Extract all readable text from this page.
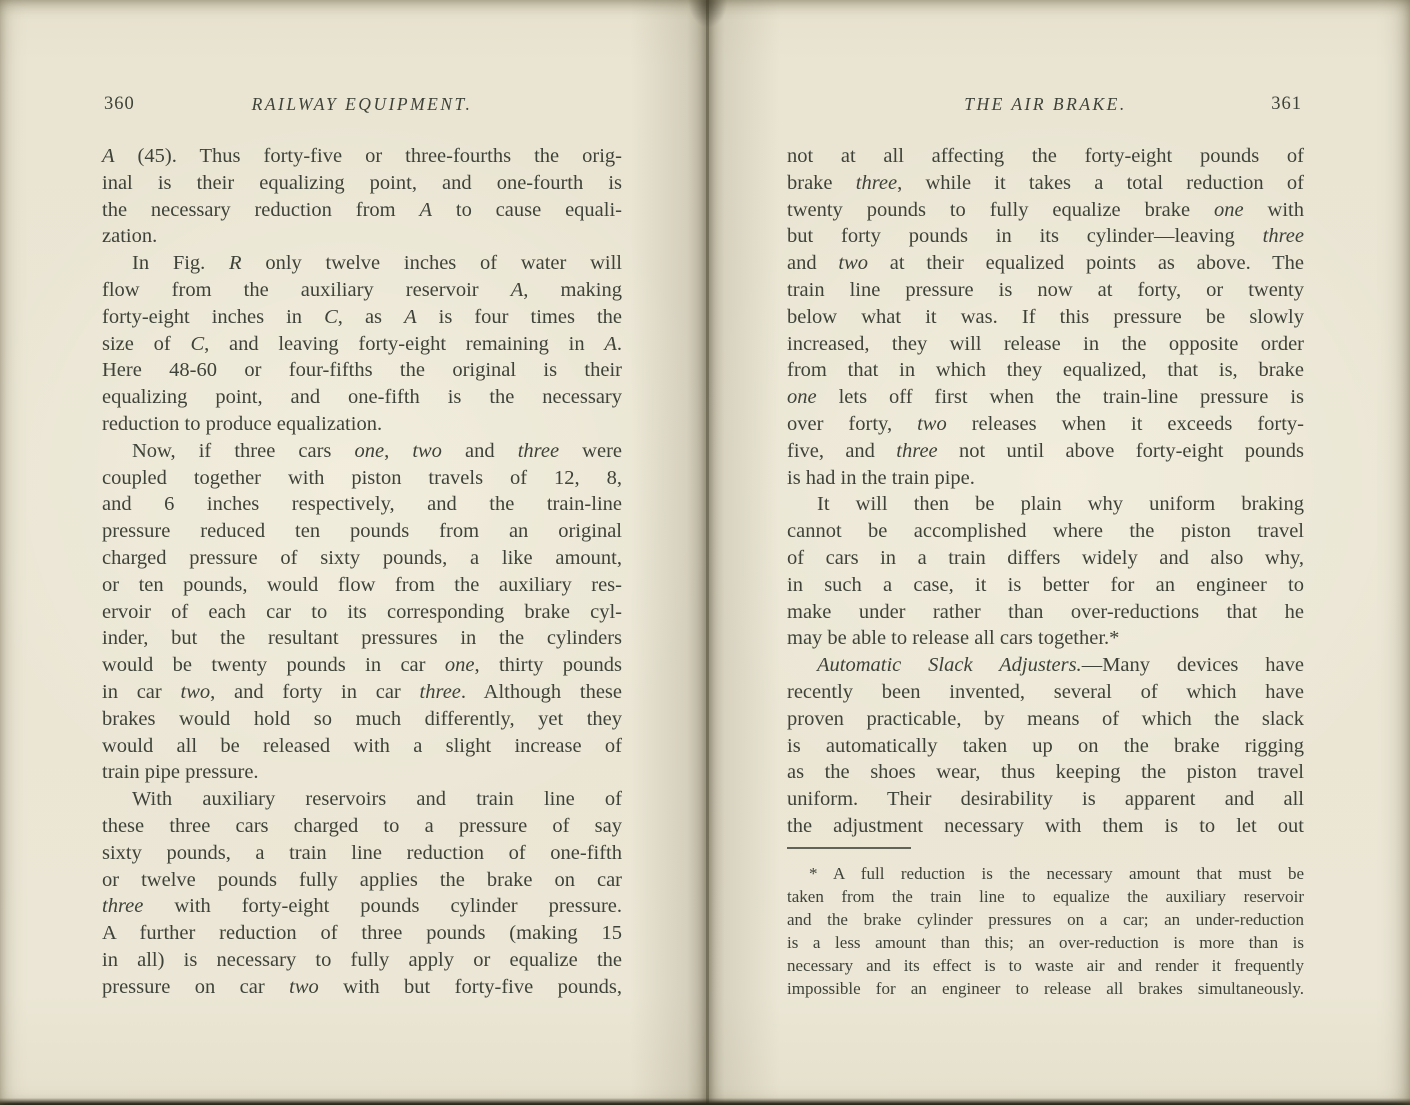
360	RAILWAY EQUIPMENT.
A (45). Thus forty-five or three-fourths the orig-
inal is their equalizing point, and one-fourth is
the necessary reduction from A to cause equali-
zation.
In Fig. R only twelve inches of water will
flow from the auxiliary reservoir A, making
forty-eight inches in C, as A is four times the
size of C, and leaving forty-eight remaining in A.
Here 48-60 or four-fifths the original is their
equalizing point, and one-fifth is the necessary
reduction to produce equalization.
Now, if three cars one, two and three were
coupled together with piston travels of 12, 8,
and 6 inches respectively, and the train-line
pressure reduced ten pounds from an original
charged pressure of sixty pounds, a like amount,
or ten pounds, would flow from the auxiliary res-
ervoir of each car to its corresponding brake cyl-
inder, but the resultant pressures in the cylinders
would be twenty pounds in car one, thirty pounds
in car two, and forty in car three. Although these
brakes would hold so much differently, yet they
would all be released with a slight increase of
train pipe pressure.
With auxiliary reservoirs and train line of
these three cars charged to a pressure of say
sixty pounds, a train line reduction of one-fifth
or twelve pounds fully applies the brake on car
three with forty-eight pounds cylinder pressure.
A further reduction of three pounds (making 15
in all) is necessary to fully apply or equalize the
pressure on car two with but forty-five pounds,
THE AIR BRAKE.	361
not at all affecting the forty-eight pounds of
brake three, while it takes a total reduction of
twenty pounds to fully equalize brake one with
but forty pounds in its cylinder—leaving three
and two at their equalized points as above. The
train line pressure is now at forty, or twenty
below what it was. If this pressure be slowly
increased, they will release in the opposite order
from that in which they equalized, that is, brake
one lets off first when the train-line pressure is
over forty, two releases when it exceeds forty-
five, and three not until above forty-eight pounds
is had in the train pipe.
It will then be plain why uniform braking
cannot be accomplished where the piston travel
of cars in a train differs widely and also why,
in such a case, it is better for an engineer to
make under rather than over-reductions that he
may be able to release all cars together.*
Automatic Slack Adjusters.—Many devices have
recently been invented, several of which have
proven practicable, by means of which the slack
is automatically taken up on the brake rigging
as the shoes wear, thus keeping the piston travel
uniform. Their desirability is apparent and all
the adjustment necessary with them is to let out
* A full reduction is the necessary amount that must be
taken from the train line to equalize the auxiliary reservoir
and the brake cylinder pressures on a car; an under-reduction
is a less amount than this; an over-reduction is more than is
necessary and its effect is to waste air and render it frequently
impossible for an engineer to release all brakes simultaneously.
